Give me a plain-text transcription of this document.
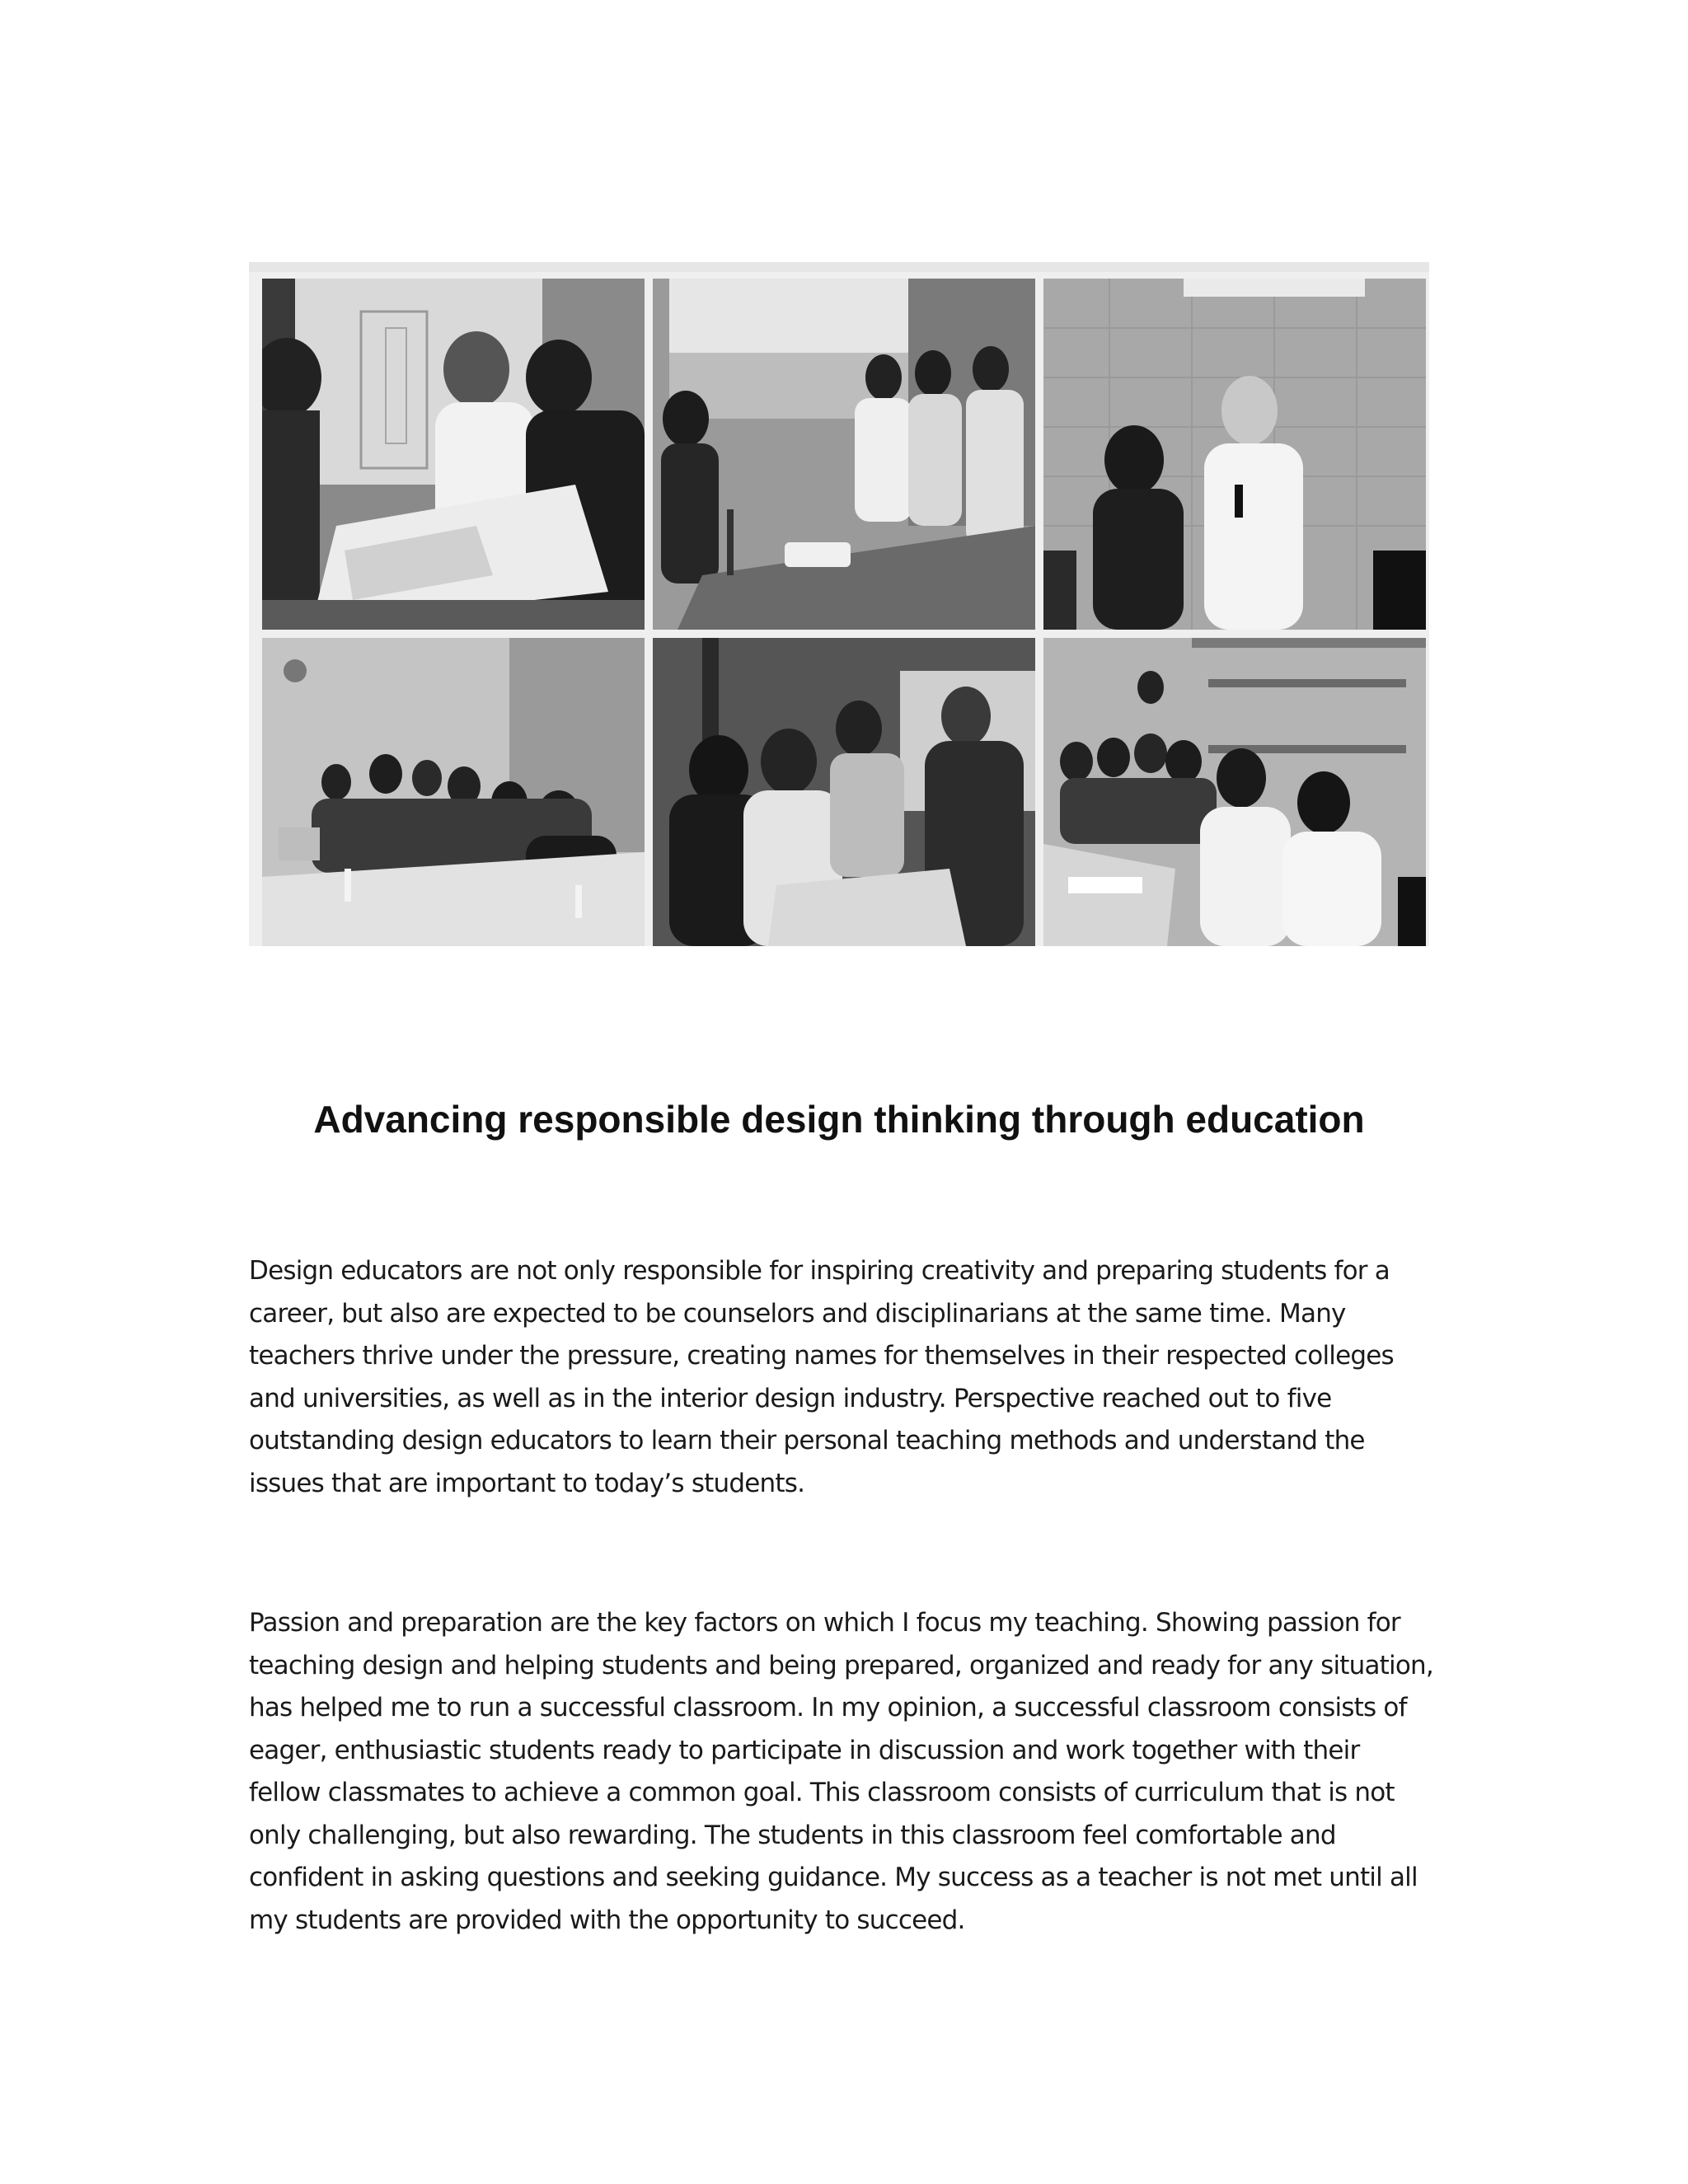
Advancing responsible design thinking through education

Design educators are not only responsible for inspiring creativity and preparing students for a career, but also are expected to be counselors and disciplinarians at the same time. Many teachers thrive under the pressure, creating names for themselves in their respected colleges and universities, as well as in the interior design industry. Perspective reached out to five outstanding design educators to learn their personal teaching methods and understand the issues that are important to today’s students.

Passion and preparation are the key factors on which I focus my teaching. Showing passion for teaching design and helping students and being prepared, organized and ready for any situation, has helped me to run a successful classroom. In my opinion, a successful classroom consists of eager, enthusiastic students ready to participate in discussion and work together with their fellow classmates to achieve a common goal. This classroom consists of curriculum that is not only challenging, but also rewarding. The students in this classroom feel comfortable and confident in asking questions and seeking guidance. My success as a teacher is not met until all my students are provided with the opportunity to succeed.
